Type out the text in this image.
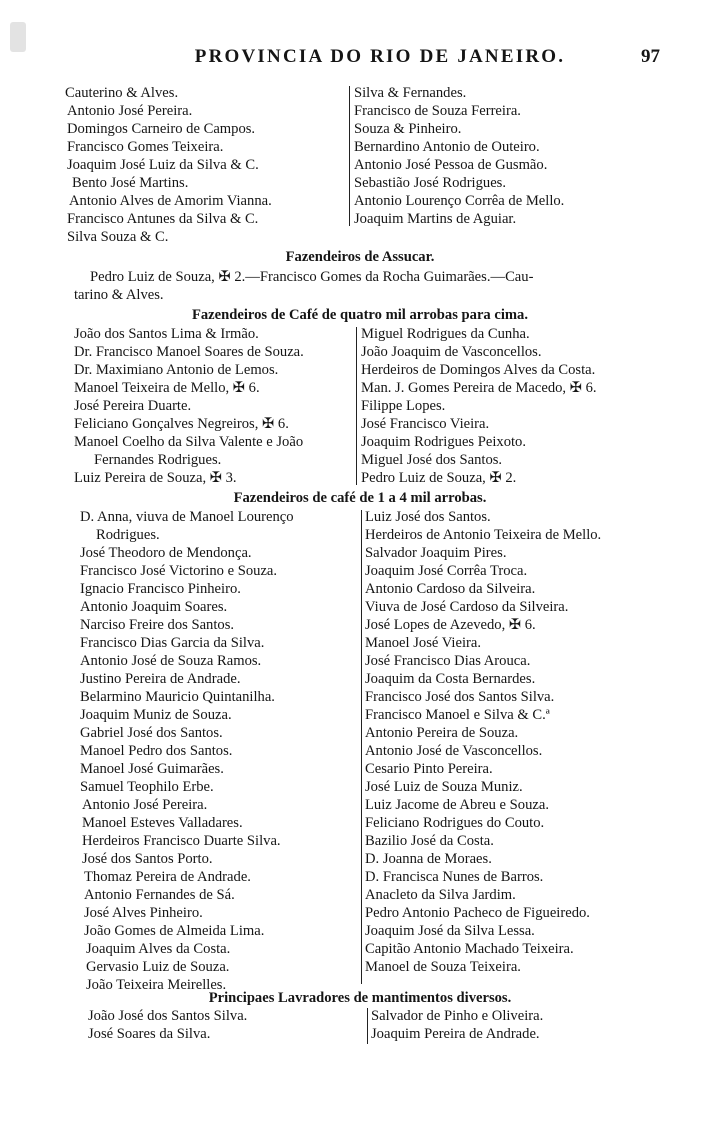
PROVINCIA DO RIO DE JANEIRO.	97
Cauterino & Alves.
Antonio José Pereira.
Domingos Carneiro de Campos.
Francisco Gomes Teixeira.
Joaquim José Luiz da Silva & C.
Bento José Martins.
Antonio Alves de Amorim Vianna.
Francisco Antunes da Silva & C.
Silva Souza & C.
Silva & Fernandes.
Francisco de Souza Ferreira.
Souza & Pinheiro.
Bernardino Antonio de Outeiro.
Antonio José Pessoa de Gusmão.
Sebastião José Rodrigues.
Antonio Lourenço Corrêa de Mello.
Joaquim Martins de Aguiar.
Fazendeiros de Assucar.
Pedro Luiz de Souza, ✠ 2.—Francisco Gomes da Rocha Guimarães.—Cau-
tarino & Alves.
Fazendeiros de Café de quatro mil arrobas para cima.
João dos Santos Lima & Irmão.
Dr. Francisco Manoel Soares de Souza.
Dr. Maximiano Antonio de Lemos.
Manoel Teixeira de Mello, ✠ 6.
José Pereira Duarte.
Feliciano Gonçalves Negreiros, ✠ 6.
Manoel Coelho da Silva Valente e João
Fernandes Rodrigues.
Luiz Pereira de Souza, ✠ 3.
Miguel Rodrigues da Cunha.
João Joaquim de Vasconcellos.
Herdeiros de Domingos Alves da Costa.
Man. J. Gomes Pereira de Macedo, ✠ 6.
Filippe Lopes.
José Francisco Vieira.
Joaquim Rodrigues Peixoto.
Miguel José dos Santos.
Pedro Luiz de Souza, ✠ 2.
Fazendeiros de café de 1 a 4 mil arrobas.
D. Anna, viuva de Manoel Lourenço
Rodrigues.
José Theodoro de Mendonça.
Francisco José Victorino e Souza.
Ignacio Francisco Pinheiro.
Antonio Joaquim Soares.
Narciso Freire dos Santos.
Francisco Dias Garcia da Silva.
Antonio José de Souza Ramos.
Justino Pereira de Andrade.
Belarmino Mauricio Quintanilha.
Joaquim Muniz de Souza.
Gabriel José dos Santos.
Manoel Pedro dos Santos.
Manoel José Guimarães.
Samuel Teophilo Erbe.
Antonio José Pereira.
Manoel Esteves Valladares.
Herdeiros Francisco Duarte Silva.
José dos Santos Porto.
Thomaz Pereira de Andrade.
Antonio Fernandes de Sá.
José Alves Pinheiro.
João Gomes de Almeida Lima.
Joaquim Alves da Costa.
Gervasio Luiz de Souza.
João Teixeira Meirelles.
Luiz José dos Santos.
Herdeiros de Antonio Teixeira de Mello.
Salvador Joaquim Pires.
Joaquim José Corrêa Troca.
Antonio Cardoso da Silveira.
Viuva de José Cardoso da Silveira.
José Lopes de Azevedo, ✠ 6.
Manoel José Vieira.
José Francisco Dias Arouca.
Joaquim da Costa Bernardes.
Francisco José dos Santos Silva.
Francisco Manoel e Silva & C.ª
Antonio Pereira de Souza.
Antonio José de Vasconcellos.
Cesario Pinto Pereira.
José Luiz de Souza Muniz.
Luiz Jacome de Abreu e Souza.
Feliciano Rodrigues do Couto.
Bazilio José da Costa.
D. Joanna de Moraes.
D. Francisca Nunes de Barros.
Anacleto da Silva Jardim.
Pedro Antonio Pacheco de Figueiredo.
Joaquim José da Silva Lessa.
Capitão Antonio Machado Teixeira.
Manoel de Souza Teixeira.
Principaes Lavradores de mantimentos diversos.
João José dos Santos Silva.
José Soares da Silva.
Salvador de Pinho e Oliveira.
Joaquim Pereira de Andrade.
